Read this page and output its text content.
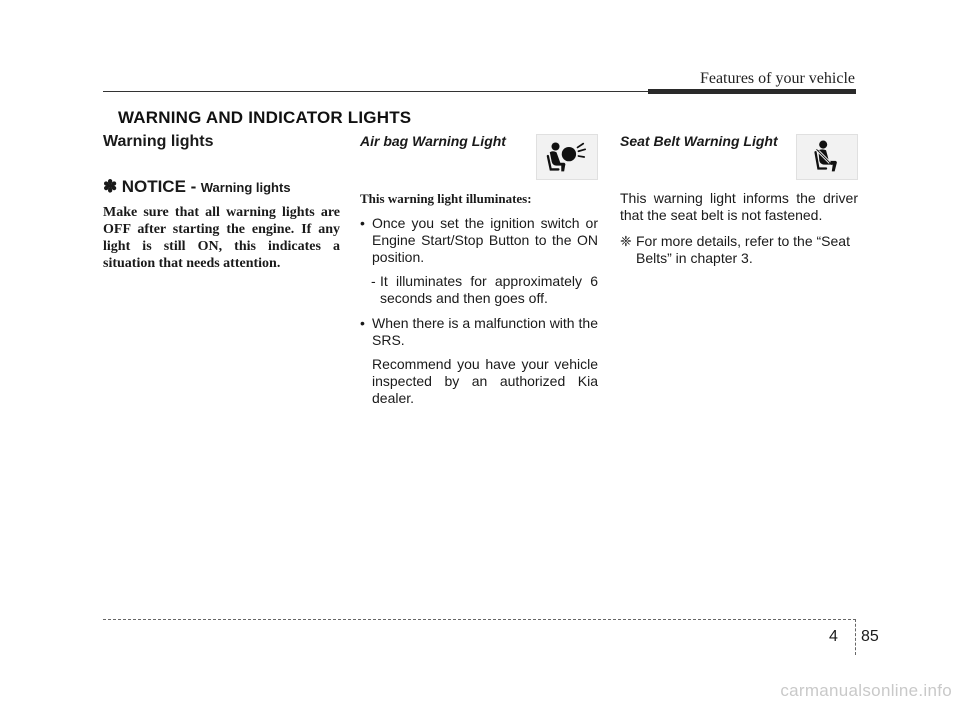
Features of your vehicle
WARNING AND INDICATOR LIGHTS
Warning lights
✽ NOTICE - Warning lights
Make sure that all warning lights are OFF after starting the engine. If any light is still ON, this indicates a situation that needs attention.
Air bag Warning Light
This warning light illuminates:
• Once you set the ignition switch or Engine Start/Stop Button to the ON position.
- It illuminates for approximately 6 seconds and then goes off.
• When there is a malfunction with the SRS.
Recommend you have your vehicle inspected by an authorized Kia dealer.
Seat Belt Warning Light
This warning light informs the driver that the seat belt is not fastened.
❈ For more details, refer to the “Seat Belts” in chapter 3.
4 85
carmanualsonline.info
